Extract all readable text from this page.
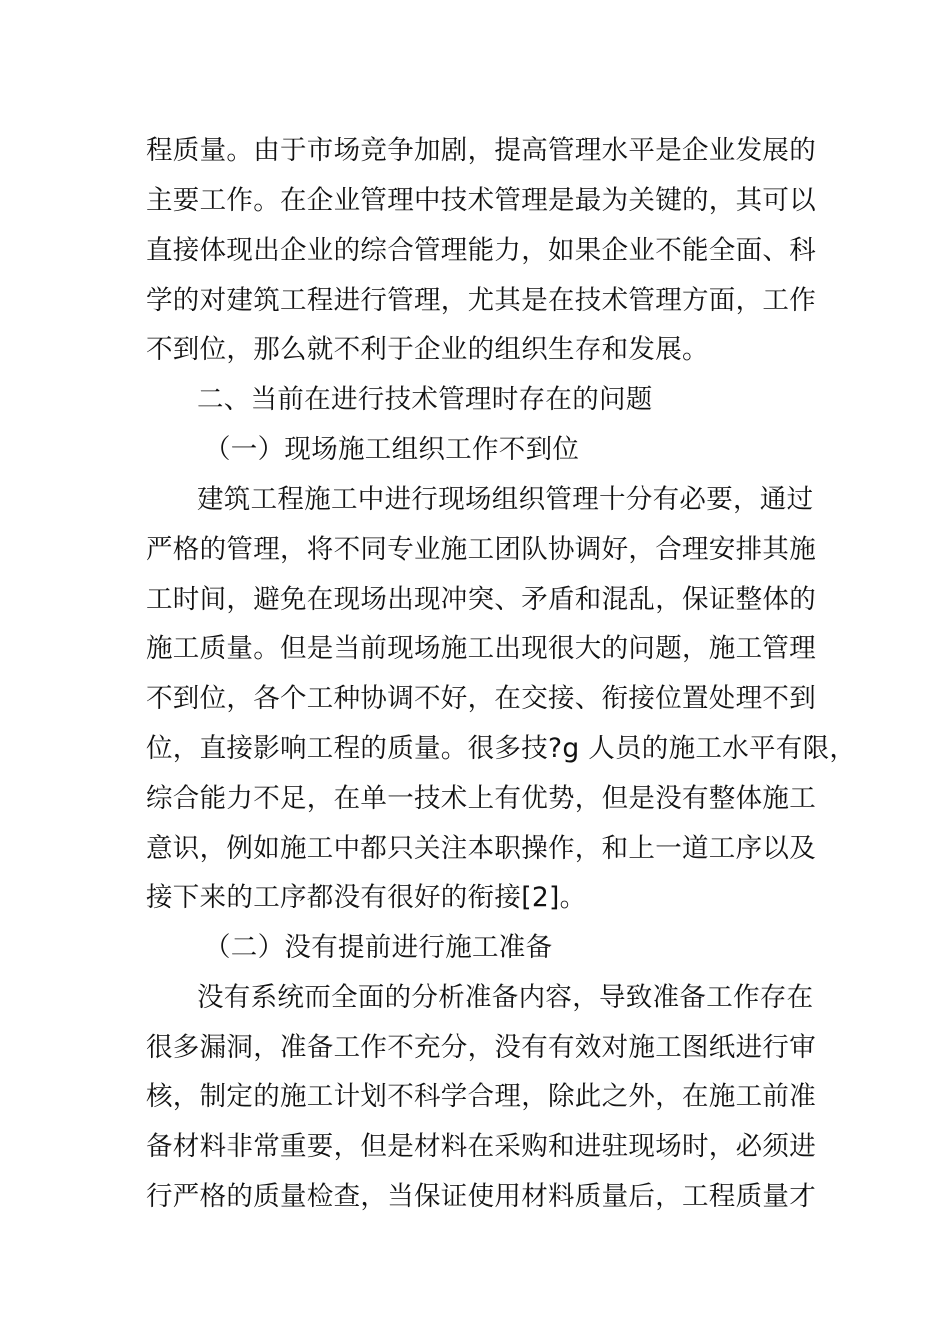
程质量。由于市场竞争加剧，提高管理水平是企业发展的
主要工作。在企业管理中技术管理是最为关键的，其可以
直接体现出企业的综合管理能力，如果企业不能全面、科
学的对建筑工程进行管理，尤其是在技术管理方面，工作
不到位，那么就不利于企业的组织生存和发展。
二、当前在进行技术管理时存在的问题
（一）现场施工组织工作不到位
建筑工程施工中进行现场组织管理十分有必要，通过
严格的管理，将不同专业施工团队协调好，合理安排其施
工时间，避免在现场出现冲突、矛盾和混乱，保证整体的
施工质量。但是当前现场施工出现很大的问题，施工管理
不到位，各个工种协调不好，在交接、衔接位置处理不到
位，直接影响工程的质量。很多技?g 人员的施工水平有限，
综合能力不足，在单一技术上有优势，但是没有整体施工
意识，例如施工中都只关注本职操作，和上一道工序以及
接下来的工序都没有很好的衔接[2]。
（二）没有提前进行施工准备
没有系统而全面的分析准备内容，导致准备工作存在
很多漏洞，准备工作不充分，没有有效对施工图纸进行审
核，制定的施工计划不科学合理，除此之外，在施工前准
备材料非常重要，但是材料在采购和进驻现场时，必须进
行严格的质量检查，当保证使用材料质量后，工程质量才
